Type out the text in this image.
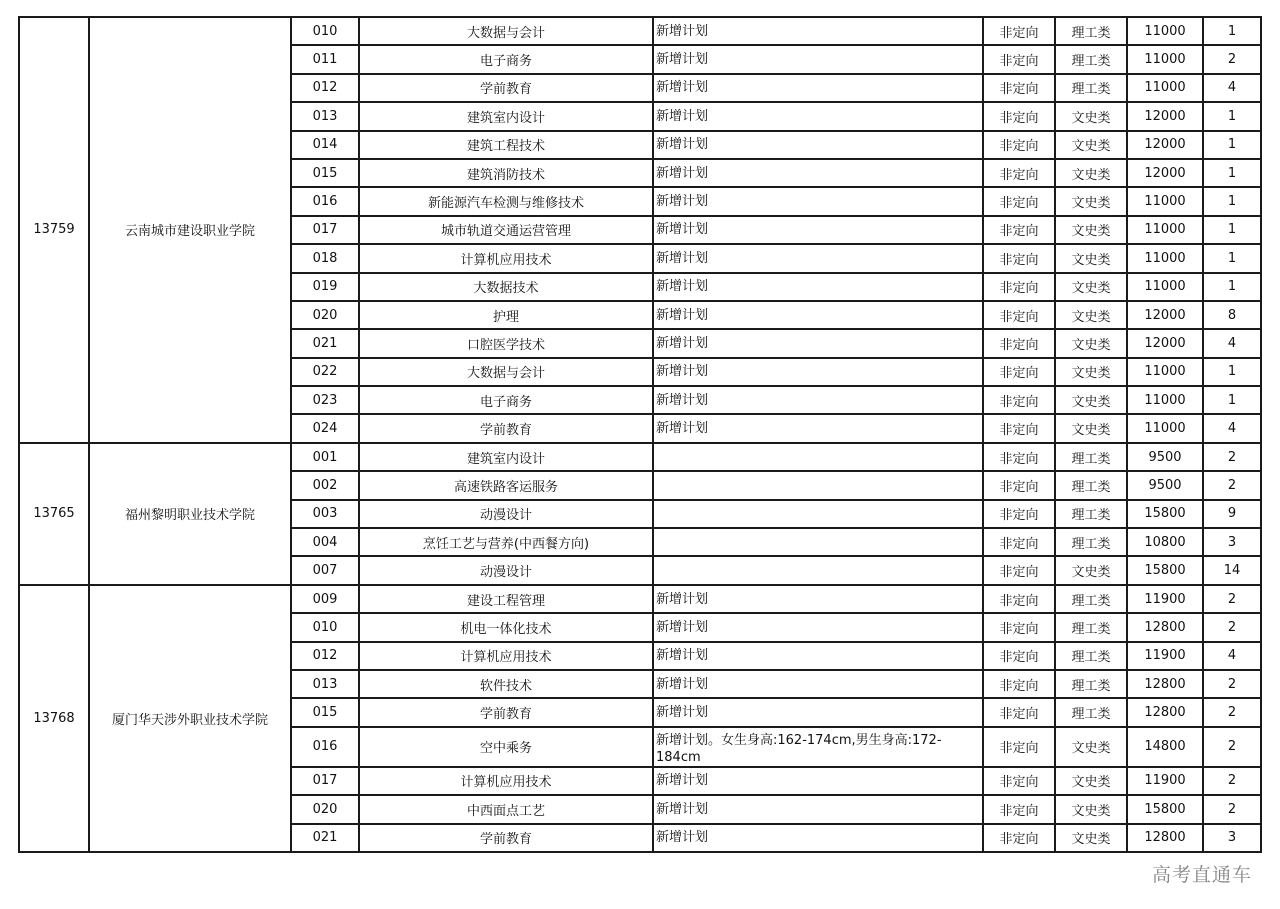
13759	云南城市建设职业学院	010	大数据与会计	新增计划	非定向	理工类	11000	1
		011	电子商务	新增计划	非定向	理工类	11000	2
		012	学前教育	新增计划	非定向	理工类	11000	4
		013	建筑室内设计	新增计划	非定向	文史类	12000	1
		014	建筑工程技术	新增计划	非定向	文史类	12000	1
		015	建筑消防技术	新增计划	非定向	文史类	12000	1
		016	新能源汽车检测与维修技术	新增计划	非定向	文史类	11000	1
		017	城市轨道交通运营管理	新增计划	非定向	文史类	11000	1
		018	计算机应用技术	新增计划	非定向	文史类	11000	1
		019	大数据技术	新增计划	非定向	文史类	11000	1
		020	护理	新增计划	非定向	文史类	12000	8
		021	口腔医学技术	新增计划	非定向	文史类	12000	4
		022	大数据与会计	新增计划	非定向	文史类	11000	1
		023	电子商务	新增计划	非定向	文史类	11000	1
		024	学前教育	新增计划	非定向	文史类	11000	4
13765	福州黎明职业技术学院	001	建筑室内设计		非定向	理工类	9500	2
		002	高速铁路客运服务		非定向	理工类	9500	2
		003	动漫设计		非定向	理工类	15800	9
		004	烹饪工艺与营养(中西餐方向)		非定向	理工类	10800	3
		007	动漫设计		非定向	文史类	15800	14
13768	厦门华天涉外职业技术学院	009	建设工程管理	新增计划	非定向	理工类	11900	2
		010	机电一体化技术	新增计划	非定向	理工类	12800	2
		012	计算机应用技术	新增计划	非定向	理工类	11900	4
		013	软件技术	新增计划	非定向	理工类	12800	2
		015	学前教育	新增计划	非定向	理工类	12800	2
		016	空中乘务	新增计划。女生身高:162-174cm,男生身高:172-184cm	非定向	文史类	14800	2
		017	计算机应用技术	新增计划	非定向	文史类	11900	2
		020	中西面点工艺	新增计划	非定向	文史类	15800	2
		021	学前教育	新增计划	非定向	文史类	12800	3
高考直通车
